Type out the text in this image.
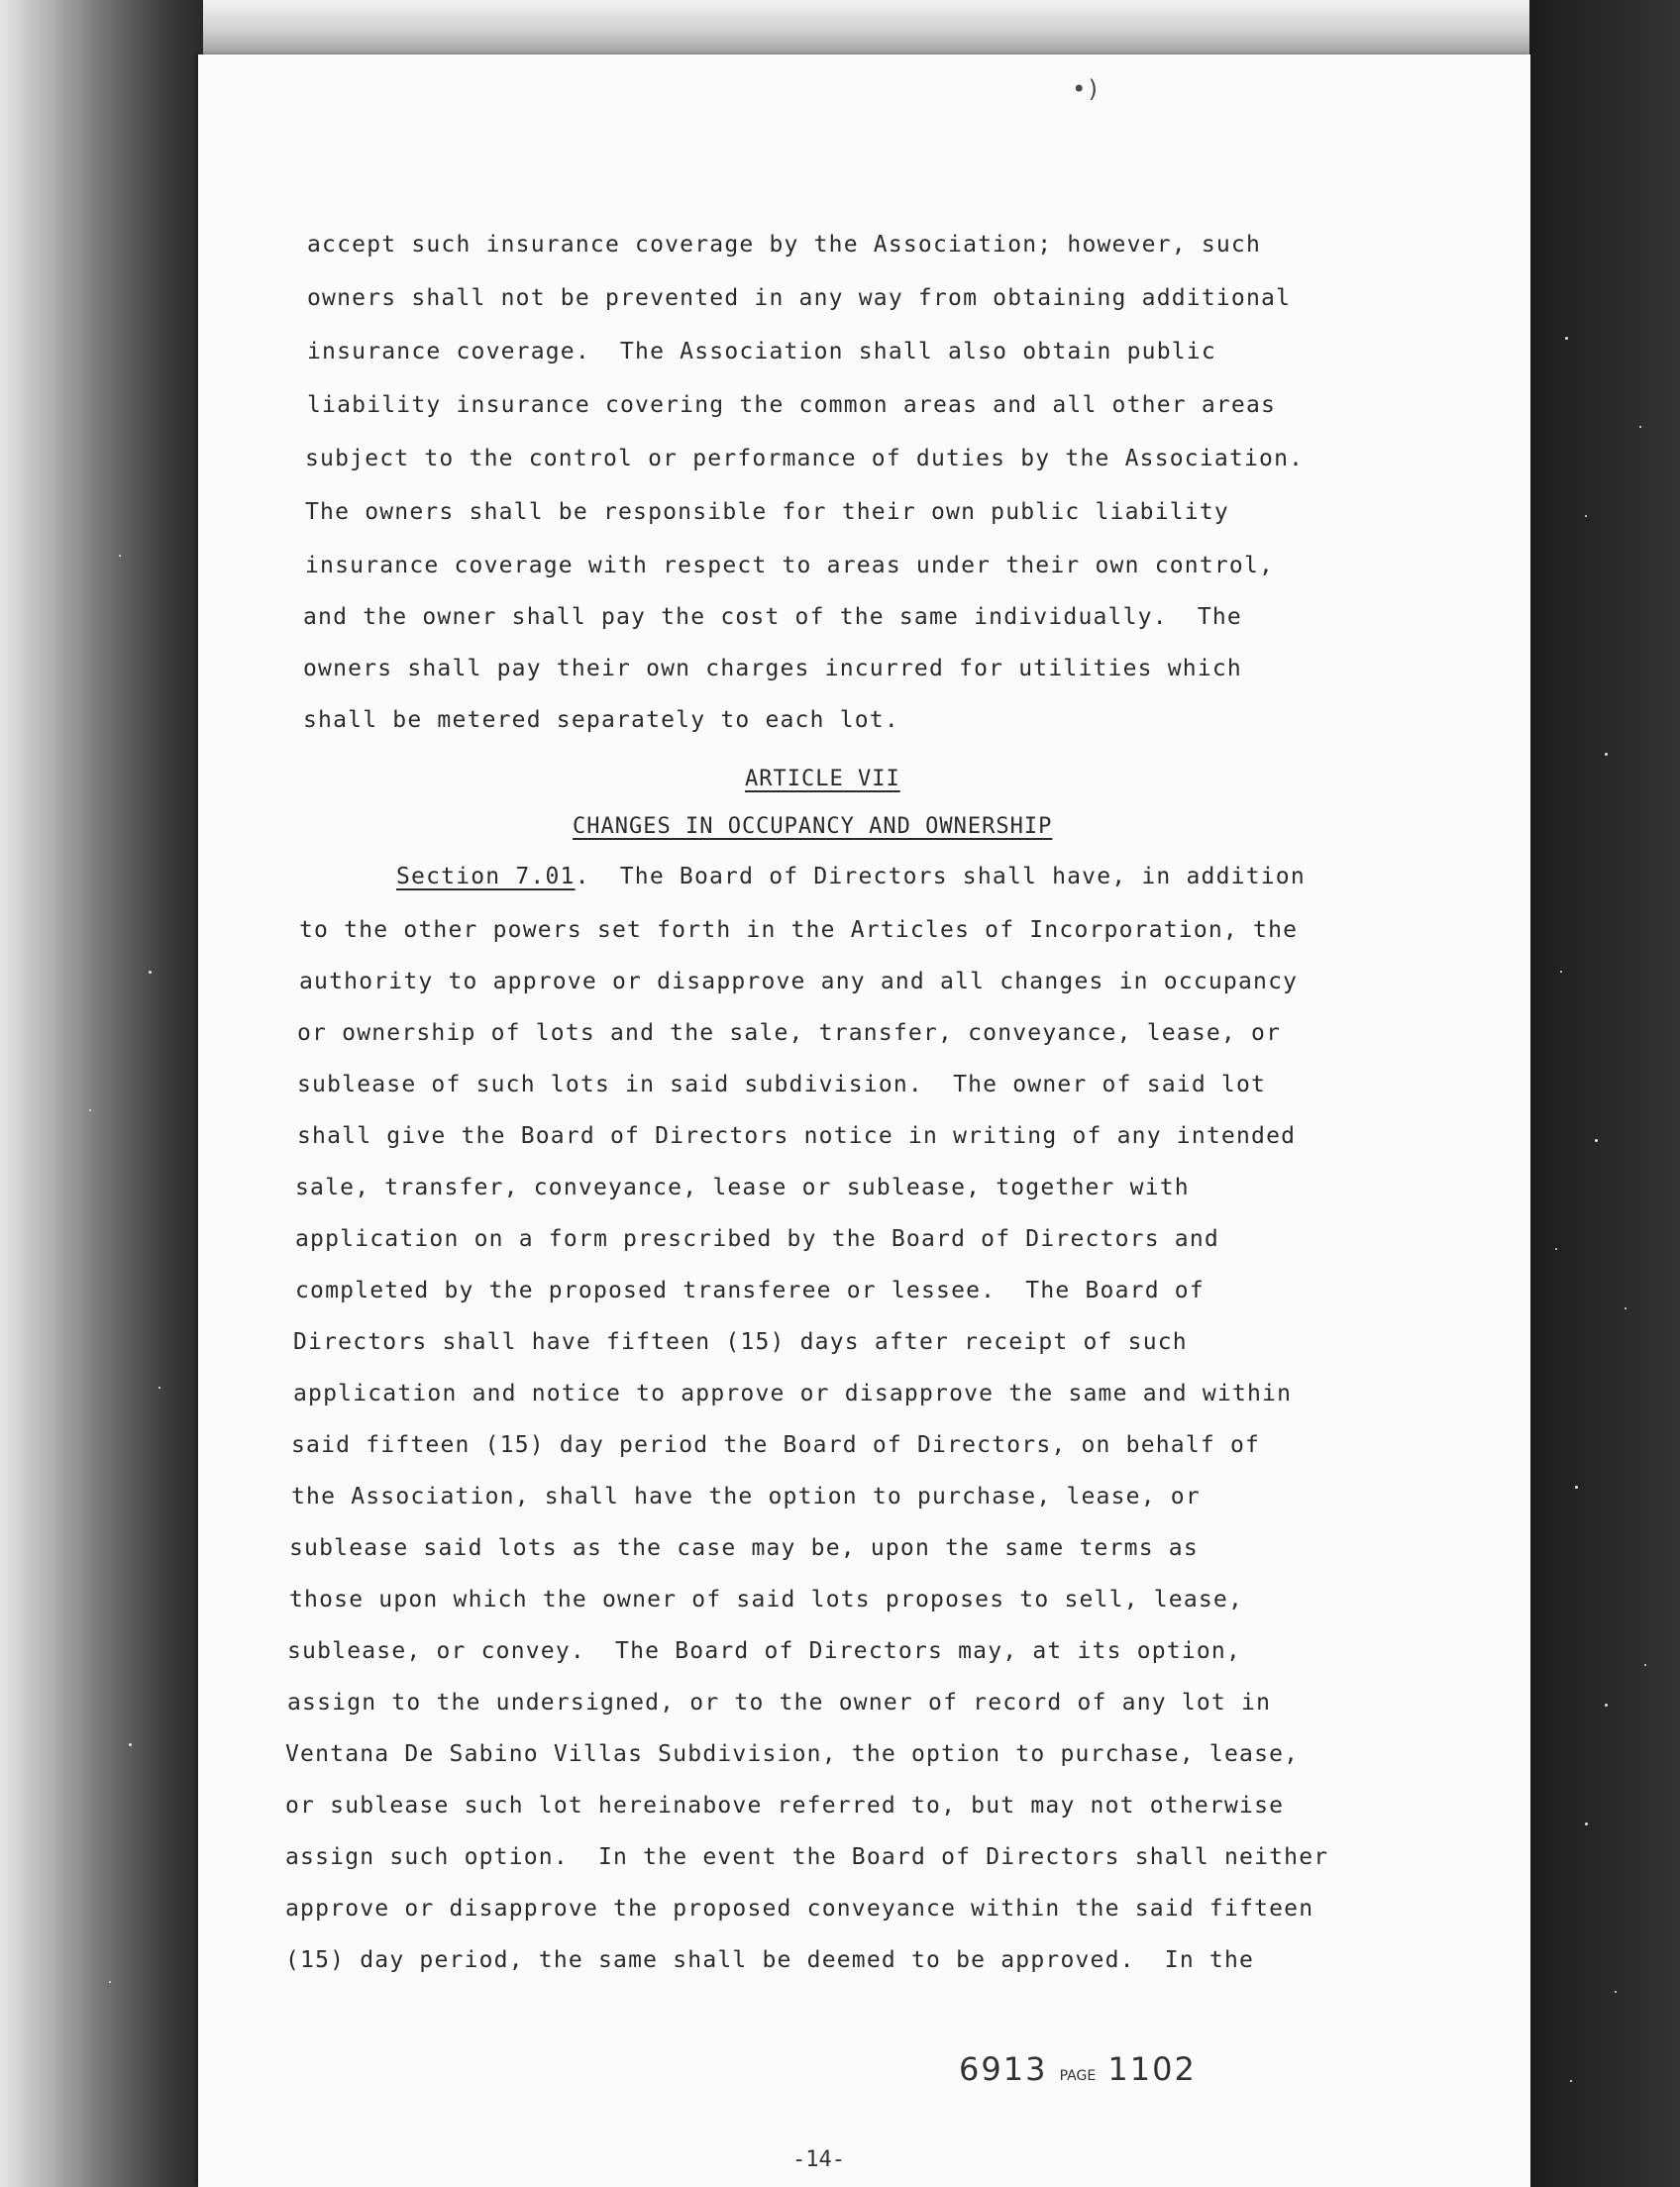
•)
accept such insurance coverage by the Association; however, such
owners shall not be prevented in any way from obtaining additional
insurance coverage.  The Association shall also obtain public
liability insurance covering the common areas and all other areas
subject to the control or performance of duties by the Association.
The owners shall be responsible for their own public liability
insurance coverage with respect to areas under their own control,
and the owner shall pay the cost of the same individually.  The
owners shall pay their own charges incurred for utilities which
shall be metered separately to each lot.
ARTICLE VII
CHANGES IN OCCUPANCY AND OWNERSHIP
Section 7.01.  The Board of Directors shall have, in addition
to the other powers set forth in the Articles of Incorporation, the
authority to approve or disapprove any and all changes in occupancy
or ownership of lots and the sale, transfer, conveyance, lease, or
sublease of such lots in said subdivision.  The owner of said lot
shall give the Board of Directors notice in writing of any intended
sale, transfer, conveyance, lease or sublease, together with
application on a form prescribed by the Board of Directors and
completed by the proposed transferee or lessee.  The Board of
Directors shall have fifteen (15) days after receipt of such
application and notice to approve or disapprove the same and within
said fifteen (15) day period the Board of Directors, on behalf of
the Association, shall have the option to purchase, lease, or
sublease said lots as the case may be, upon the same terms as
those upon which the owner of said lots proposes to sell, lease,
sublease, or convey.  The Board of Directors may, at its option,
assign to the undersigned, or to the owner of record of any lot in
Ventana De Sabino Villas Subdivision, the option to purchase, lease,
or sublease such lot hereinabove referred to, but may not otherwise
assign such option.  In the event the Board of Directors shall neither
approve or disapprove the proposed conveyance within the said fifteen
(15) day period, the same shall be deemed to be approved.  In the
6913 PAGE 1102
-14-
